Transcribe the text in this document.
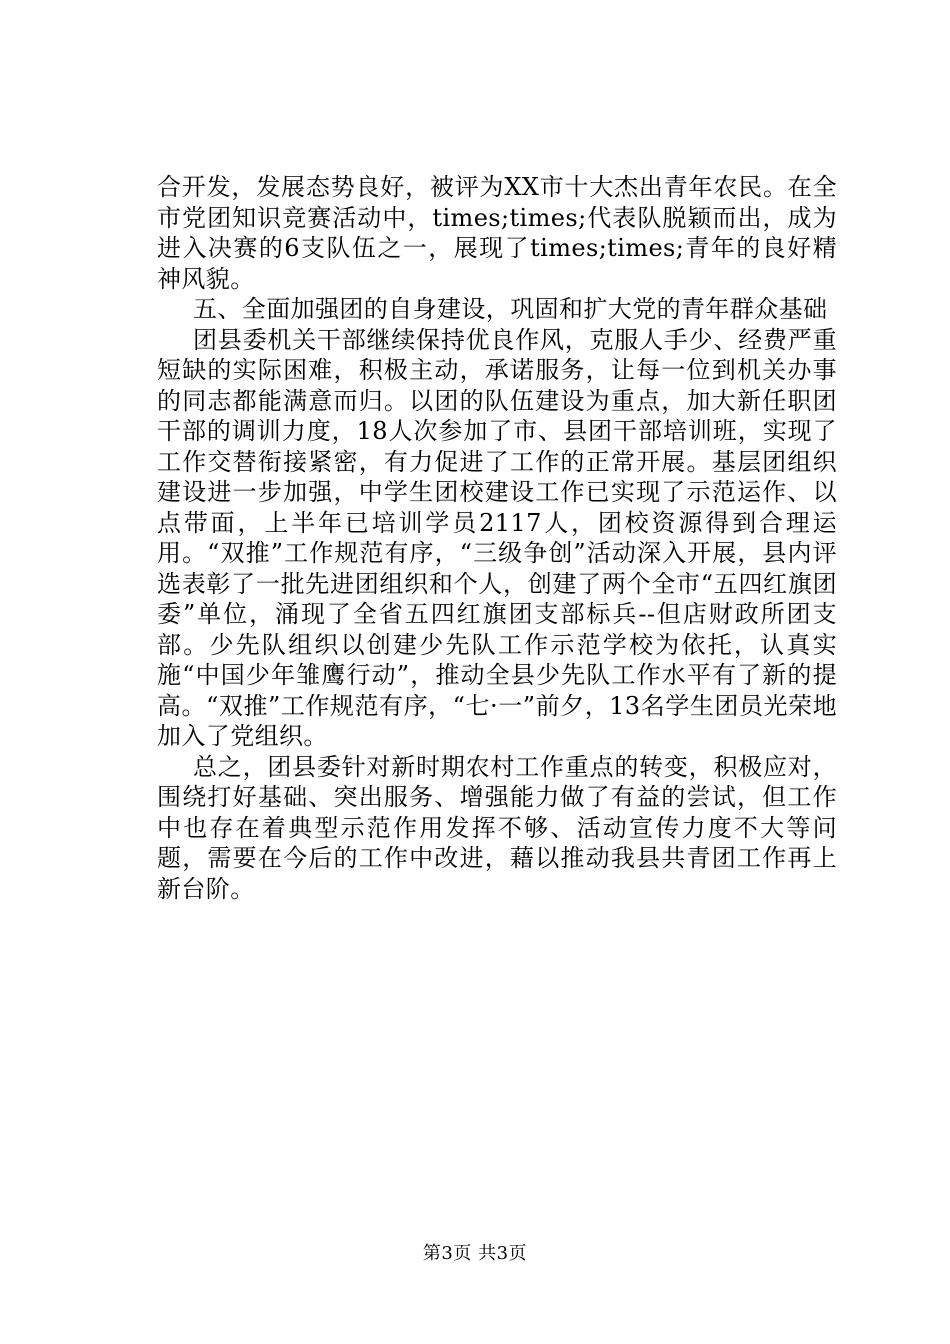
合开发，发展态势良好，被评为XX市十大杰出青年农民。在全市党团知识竞赛活动中，times;times;代表队脱颖而出，成为进入决赛的6支队伍之一，展现了times;times;青年的良好精神风貌。

五、全面加强团的自身建设，巩固和扩大党的青年群众基础

团县委机关干部继续保持优良作风，克服人手少、经费严重短缺的实际困难，积极主动，承诺服务，让每一位到机关办事的同志都能满意而归。以团的队伍建设为重点，加大新任职团干部的调训力度，18人次参加了市、县团干部培训班，实现了工作交替衔接紧密，有力促进了工作的正常开展。基层团组织建设进一步加强，中学生团校建设工作已实现了示范运作、以点带面，上半年已培训学员2117人，团校资源得到合理运用。“双推”工作规范有序，“三级争创”活动深入开展，县内评选表彰了一批先进团组织和个人，创建了两个全市“五四红旗团委”单位，涌现了全省五四红旗团支部标兵--但店财政所团支部。少先队组织以创建少先队工作示范学校为依托，认真实施“中国少年雏鹰行动”，推动全县少先队工作水平有了新的提高。“双推”工作规范有序，“七·一”前夕，13名学生团员光荣地加入了党组织。

总之，团县委针对新时期农村工作重点的转变，积极应对，围绕打好基础、突出服务、增强能力做了有益的尝试，但工作中也存在着典型示范作用发挥不够、活动宣传力度不大等问题，需要在今后的工作中改进，藉以推动我县共青团工作再上新台阶。

第3页 共3页
